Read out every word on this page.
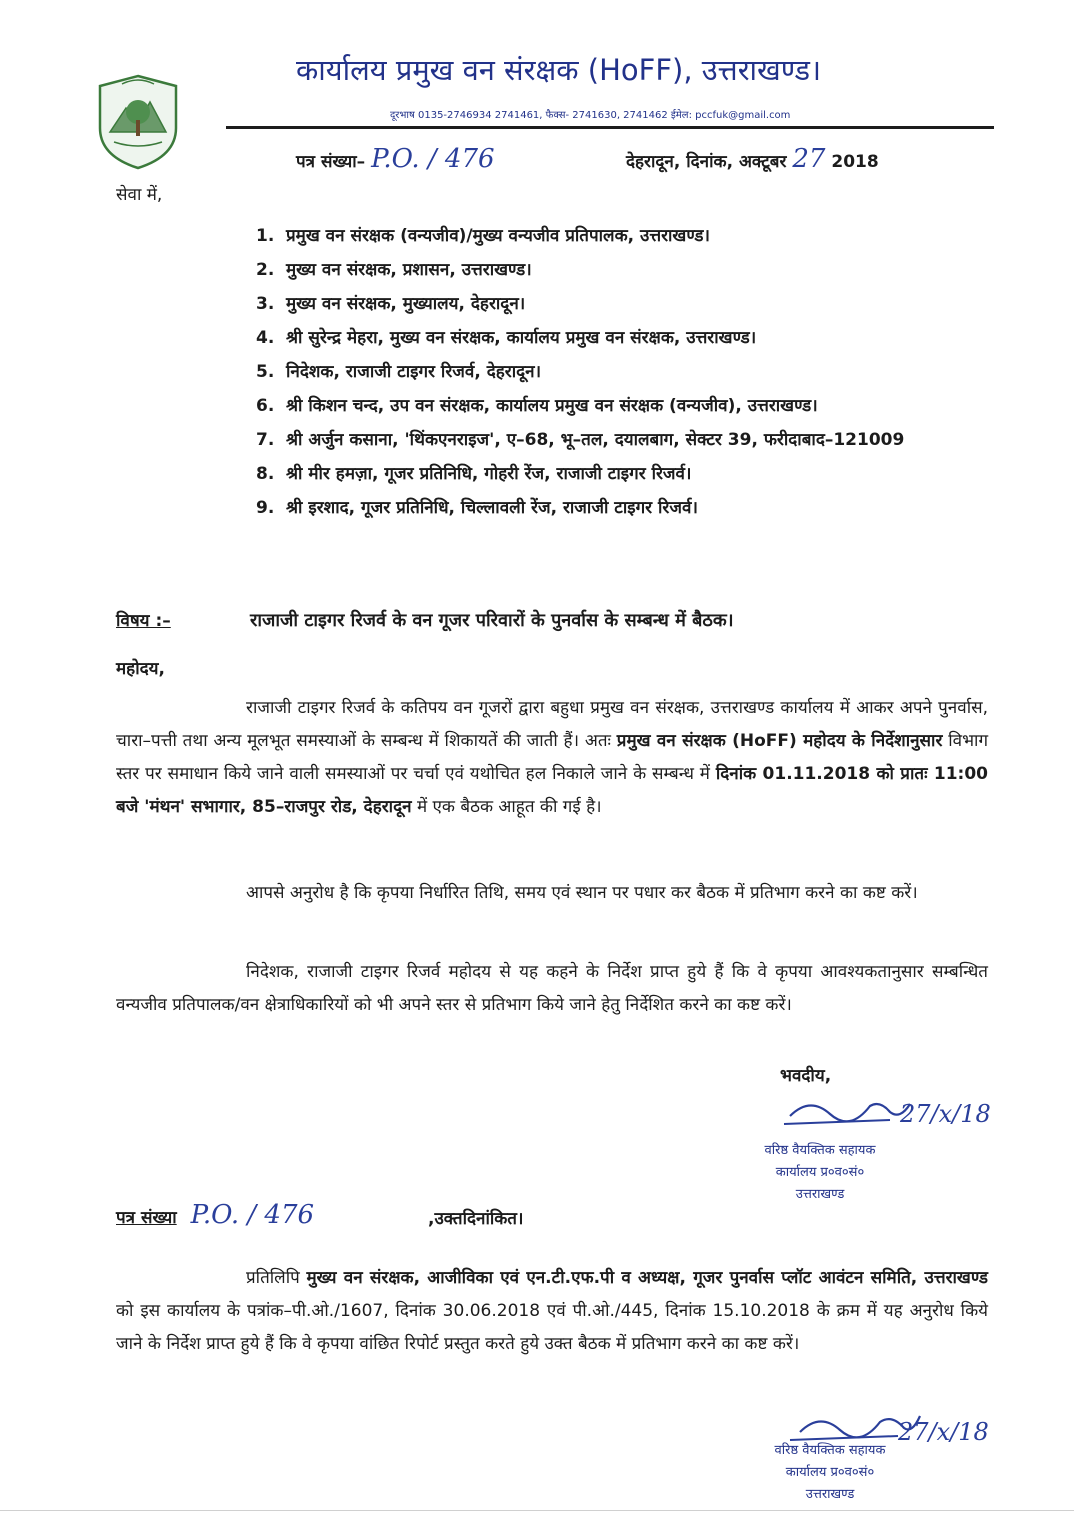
कार्यालय प्रमुख वन संरक्षक (HoFF), उत्तराखण्ड।
दूरभाष 0135-2746934 2741461, फैक्स- 2741630, 2741462 ईमेल: pccfuk@gmail.com
पत्र संख्या– P.O. / 476	देहरादून, दिनांक, अक्टूबर 27 2018
सेवा में,
1. प्रमुख वन संरक्षक (वन्यजीव)/मुख्य वन्यजीव प्रतिपालक, उत्तराखण्ड।
2. मुख्य वन संरक्षक, प्रशासन, उत्तराखण्ड।
3. मुख्य वन संरक्षक, मुख्यालय, देहरादून।
4. श्री सुरेन्द्र मेहरा, मुख्य वन संरक्षक, कार्यालय प्रमुख वन संरक्षक, उत्तराखण्ड।
5. निदेशक, राजाजी टाइगर रिजर्व, देहरादून।
6. श्री किशन चन्द, उप वन संरक्षक, कार्यालय प्रमुख वन संरक्षक (वन्यजीव), उत्तराखण्ड।
7. श्री अर्जुन कसाना, 'थिंकएनराइज', ए–68, भू–तल, दयालबाग, सेक्टर 39, फरीदाबाद–121009
8. श्री मीर हमज़ा, गूजर प्रतिनिधि, गोहरी रेंज, राजाजी टाइगर रिजर्व।
9. श्री इरशाद, गूजर प्रतिनिधि, चिल्लावली रेंज, राजाजी टाइगर रिजर्व।
विषय :–	राजाजी टाइगर रिजर्व के वन गूजर परिवारों के पुनर्वास के सम्बन्ध में बैठक।
महोदय,

राजाजी टाइगर रिजर्व के कतिपय वन गूजरों द्वारा बहुधा प्रमुख वन संरक्षक, उत्तराखण्ड कार्यालय में आकर अपने पुनर्वास, चारा–पत्ती तथा अन्य मूलभूत समस्याओं के सम्बन्ध में शिकायतें की जाती हैं। अतः प्रमुख वन संरक्षक (HoFF) महोदय के निर्देशानुसार विभाग स्तर पर समाधान किये जाने वाली समस्याओं पर चर्चा एवं यथोचित हल निकाले जाने के सम्बन्ध में दिनांक 01.11.2018 को प्रातः 11:00 बजे 'मंथन' सभागार, 85–राजपुर रोड, देहरादून में एक बैठक आहूत की गई है।

आपसे अनुरोध है कि कृपया निर्धारित तिथि, समय एवं स्थान पर पधार कर बैठक में प्रतिभाग करने का कष्ट करें।

निदेशक, राजाजी टाइगर रिजर्व महोदय से यह कहने के निर्देश प्राप्त हुये हैं कि वे कृपया आवश्यकतानुसार सम्बन्धित वन्यजीव प्रतिपालक/वन क्षेत्राधिकारियों को भी अपने स्तर से प्रतिभाग किये जाने हेतु निर्देशित करने का कष्ट करें।

भवदीय,
27/x/18
वरिष्ठ वैयक्तिक सहायक
कार्यालय प्र०व०सं०
उत्तराखण्ड
पत्र संख्या P.O. / 476	,उक्तदिनांकित।

प्रतिलिपि मुख्य वन संरक्षक, आजीविका एवं एन.टी.एफ.पी व अध्यक्ष, गूजर पुनर्वास प्लॉट आवंटन समिति, उत्तराखण्ड को इस कार्यालय के पत्रांक–पी.ओ./1607, दिनांक 30.06.2018 एवं पी.ओ./445, दिनांक 15.10.2018 के क्रम में यह अनुरोध किये जाने के निर्देश प्राप्त हुये हैं कि वे कृपया वांछित रिपोर्ट प्रस्तुत करते हुये उक्त बैठक में प्रतिभाग करने का कष्ट करें।

27/x/18
वरिष्ठ वैयक्तिक सहायक
कार्यालय प्र०व०सं०
उत्तराखण्ड
